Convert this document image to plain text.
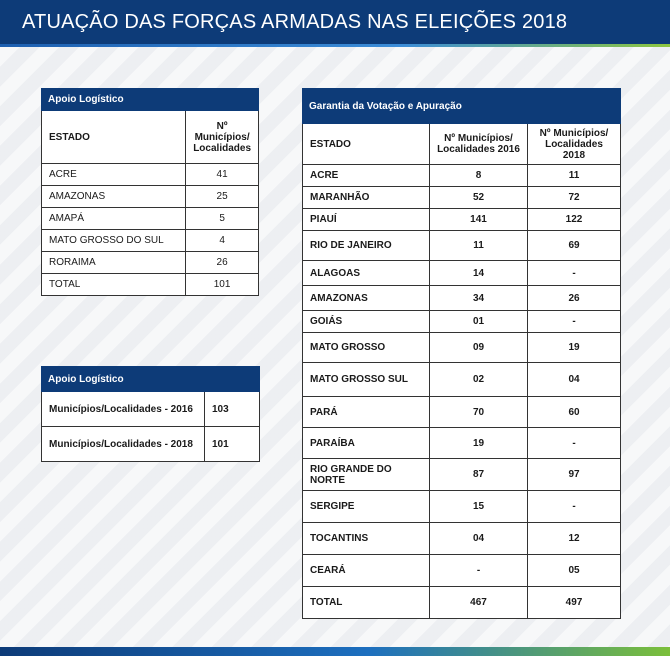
ATUAÇÃO DAS FORÇAS ARMADAS NAS ELEIÇÕES 2018
Apoio Logístico	
ESTADO	Nº Municípios/ Localidades
ACRE	41
AMAZONAS	25
AMAPÁ	5
MATO GROSSO DO SUL	4
RORAIMA	26
TOTAL	101
Apoio Logístico	
Municípios/Localidades - 2016	103
Municípios/Localidades - 2018	101
Garantia da Votação e Apuração		
ESTADO	Nº Municípios/ Localidades 2016	Nº Municípios/ Localidades 2018
ACRE	8	11
MARANHÃO	52	72
PIAUÍ	141	122
RIO DE JANEIRO	11	69
ALAGOAS	14	-
AMAZONAS	34	26
GOIÁS	01	-
MATO GROSSO	09	19
MATO GROSSO SUL	02	04
PARÁ	70	60
PARAÍBA	19	-
RIO GRANDE DO NORTE	87	97
SERGIPE	15	-
TOCANTINS	04	12
CEARÁ	-	05
TOTAL	467	497
